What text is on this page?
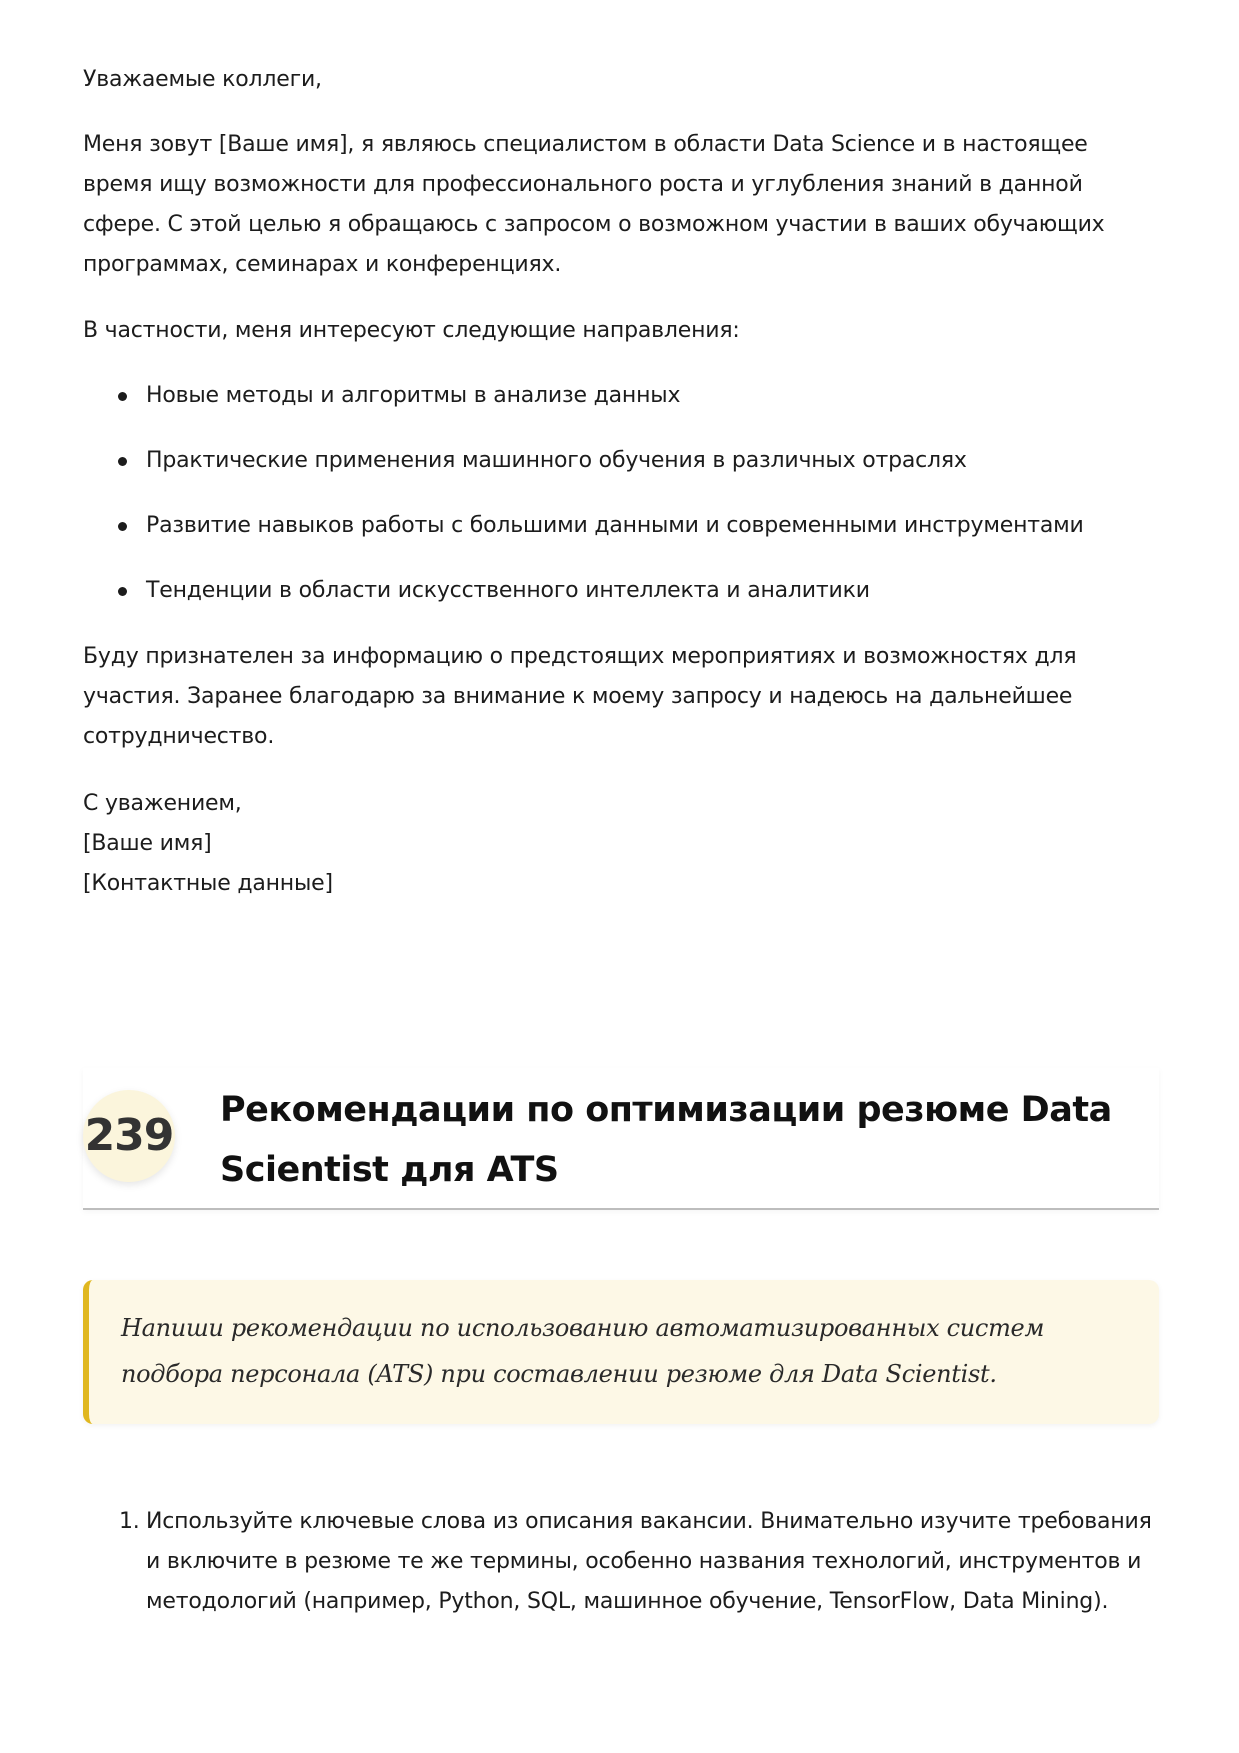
Уважаемые коллеги,

Меня зовут [Ваше имя], я являюсь специалистом в области Data Science и в настоящее время ищу возможности для профессионального роста и углубления знаний в данной сфере. С этой целью я обращаюсь с запросом о возможном участии в ваших обучающих программах, семинарах и конференциях.

В частности, меня интересуют следующие направления:

Новые методы и алгоритмы в анализе данных
Практические применения машинного обучения в различных отраслях
Развитие навыков работы с большими данными и современными инструментами
Тенденции в области искусственного интеллекта и аналитики

Буду признателен за информацию о предстоящих мероприятиях и возможностях для участия. Заранее благодарю за внимание к моему запросу и надеюсь на дальнейшее сотрудничество.

С уважением,
[Ваше имя]
[Контактные данные]

239 Рекомендации по оптимизации резюме Data Scientist для ATS

Напиши рекомендации по использованию автоматизированных систем подбора персонала (ATS) при составлении резюме для Data Scientist.

1. Используйте ключевые слова из описания вакансии. Внимательно изучите требования и включите в резюме те же термины, особенно названия технологий, инструментов и методологий (например, Python, SQL, машинное обучение, TensorFlow, Data Mining).
